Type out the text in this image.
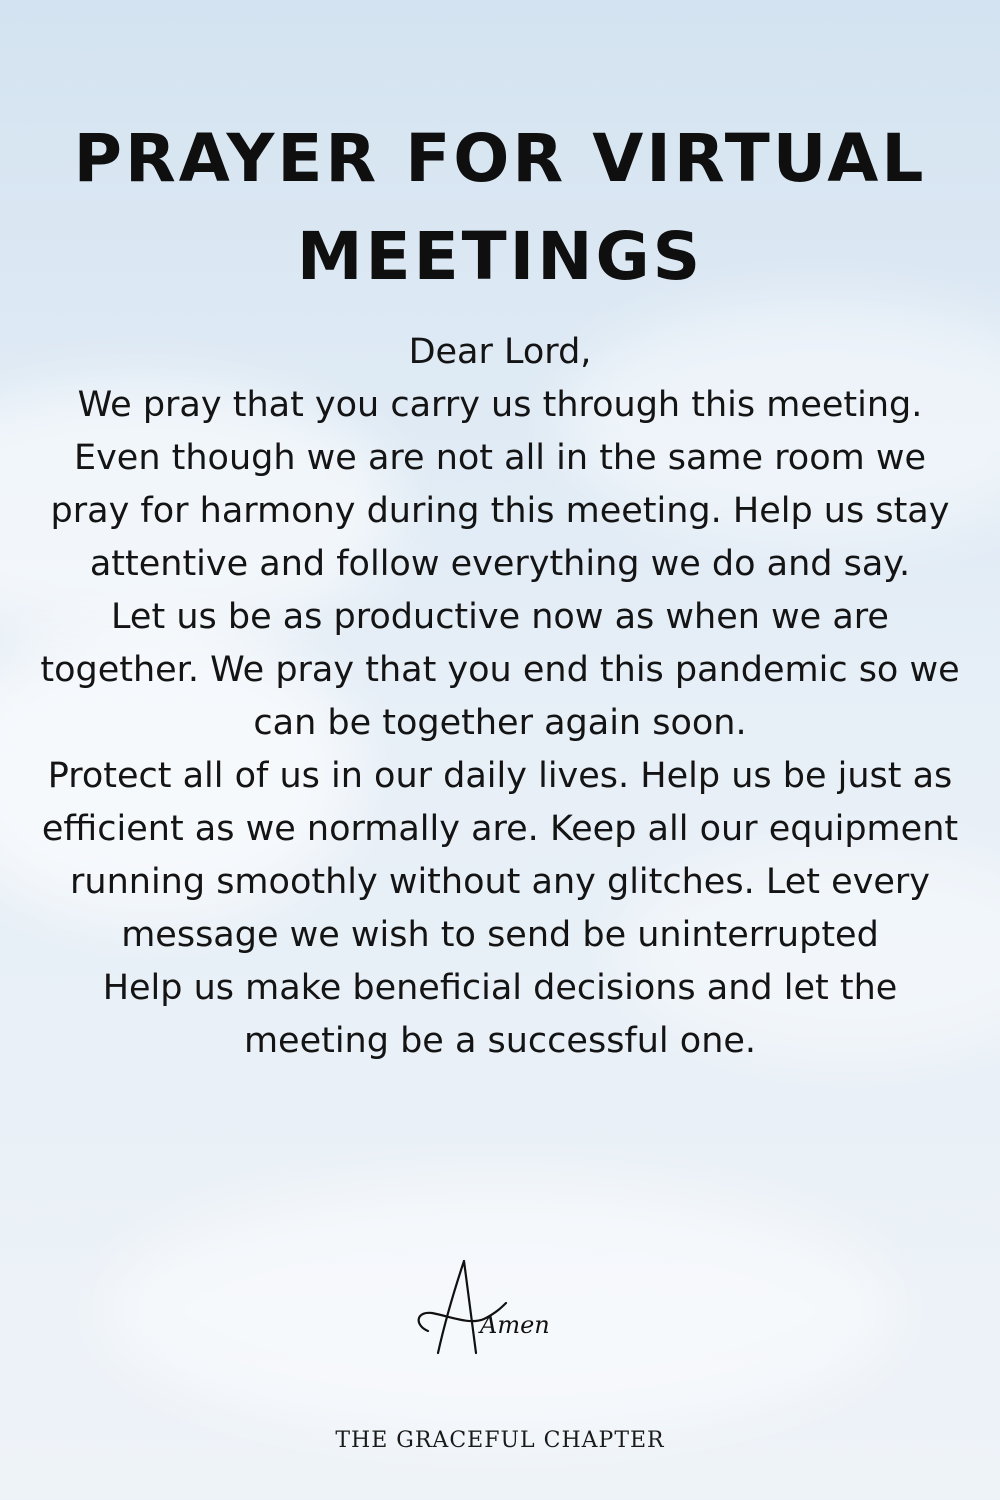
PRAYER FOR VIRTUAL MEETINGS

Dear Lord,

We pray that you carry us through this meeting. Even though we are not all in the same room we pray for harmony during this meeting. Help us stay attentive and follow everything we do and say.

Let us be as productive now as when we are together. We pray that you end this pandemic so we can be together again soon.

Protect all of us in our daily lives. Help us be just as efficient as we normally are. Keep all our equipment running smoothly without any glitches. Let every message we wish to send be uninterrupted

Help us make beneficial decisions and let the meeting be a successful one.

Amen
THE GRACEFUL CHAPTER
